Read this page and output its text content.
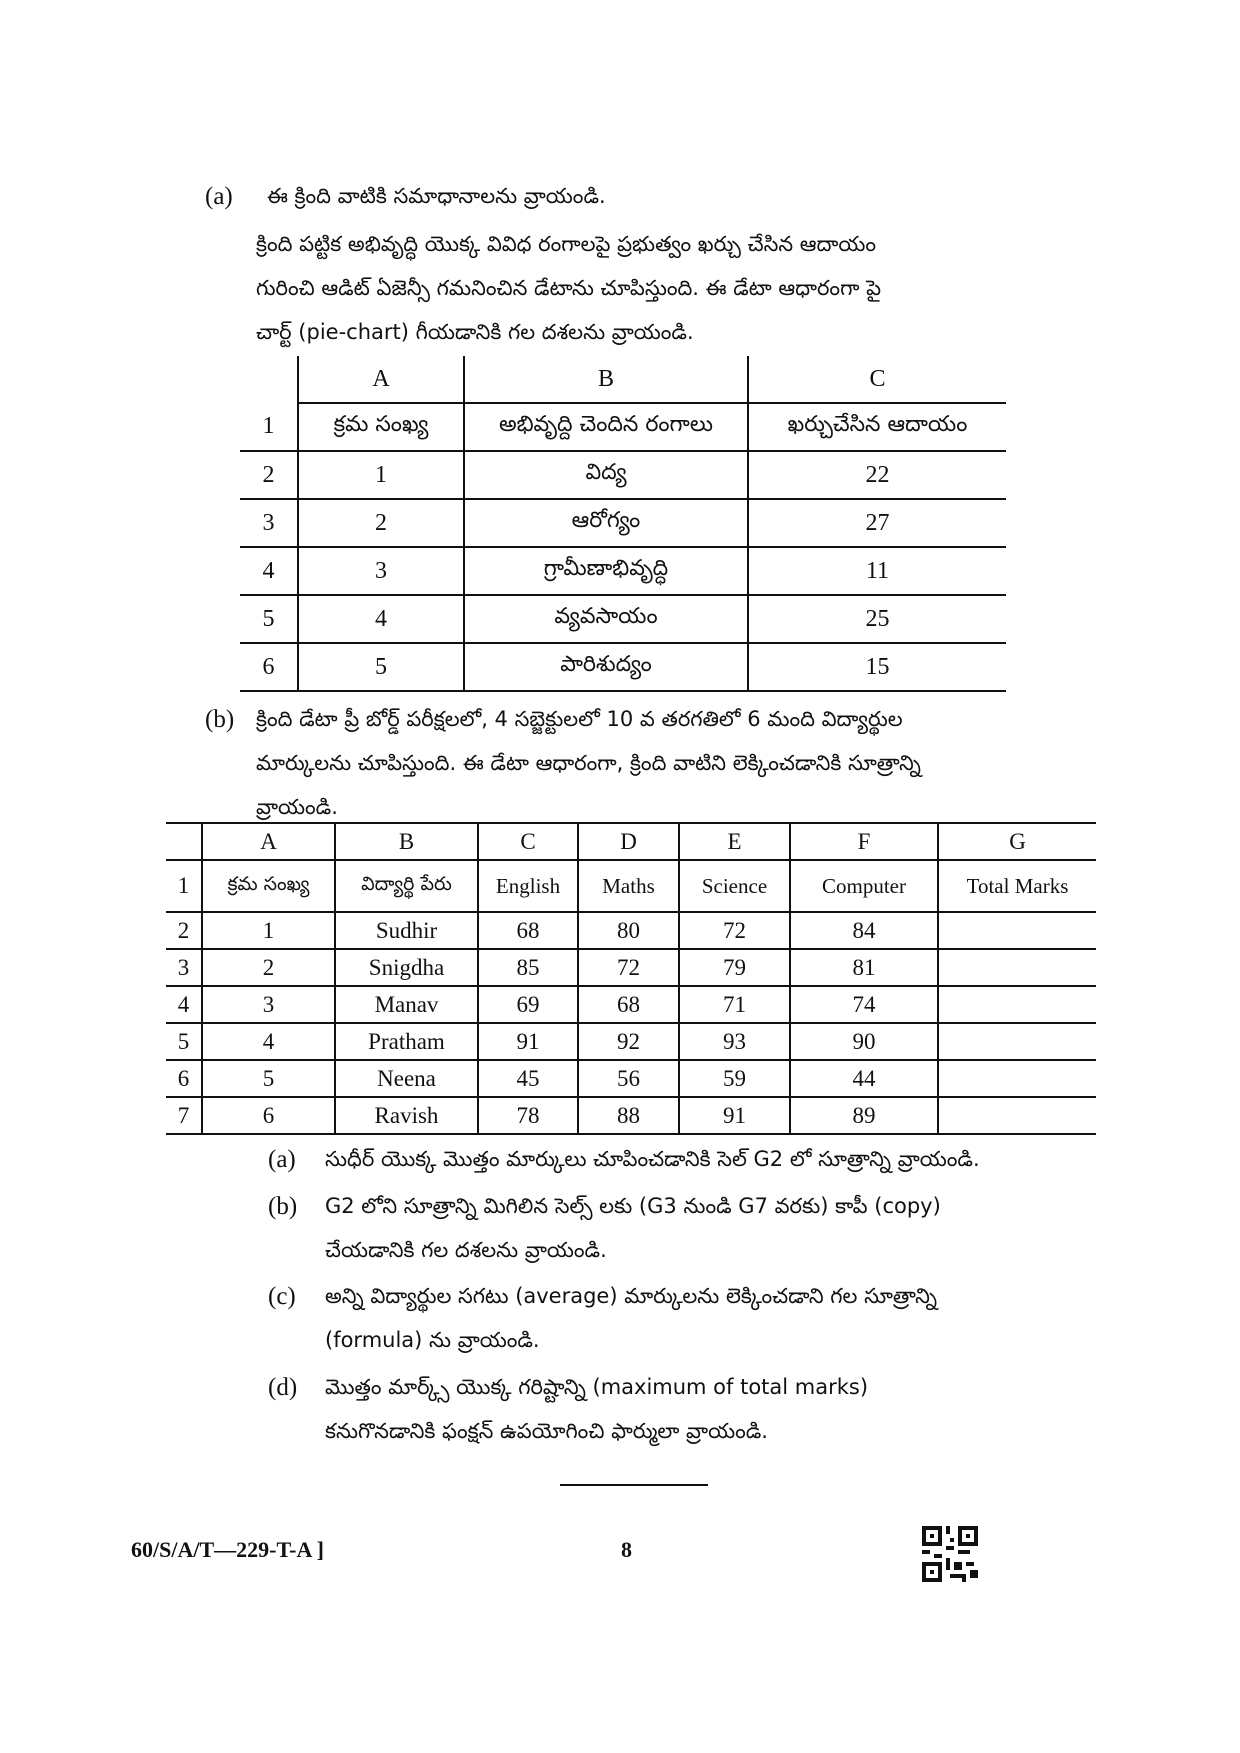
(a) ఈ క్రింది వాటికి సమాధానాలను వ్రాయండి.
క్రింది పట్టిక అభివృద్ధి యొక్క వివిధ రంగాలపై ప్రభుత్వం ఖర్చు చేసిన ఆదాయం
గురించి ఆడిట్ ఏజెన్సీ గమనించిన డేటాను చూపిస్తుంది. ఈ డేటా ఆధారంగా పై
చార్ట్ (pie-chart) గీయడానికి గల దశలను వ్రాయండి.
	A	B	C
1	క్రమ సంఖ్య	అభివృద్ది చెందిన రంగాలు	ఖర్చుచేసిన ఆదాయం
2	1	విద్య	22
3	2	ఆరోగ్యం	27
4	3	గ్రామీణాభివృద్ధి	11
5	4	వ్యవసాయం	25
6	5	పారిశుద్యం	15
(b) క్రింది డేటా ప్రీ బోర్డ్ పరీక్షలలో, 4 సబ్జెక్టులలో 10 వ తరగతిలో 6 మంది విద్యార్థుల
మార్కులను చూపిస్తుంది. ఈ డేటా ఆధారంగా, క్రింది వాటిని లెక్కించడానికి సూత్రాన్ని
వ్రాయండి.
	A	B	C	D	E	F	G
1	క్రమ సంఖ్య	విద్యార్థి పేరు	English	Maths	Science	Computer	Total Marks
2	1	Sudhir	68	80	72	84	
3	2	Snigdha	85	72	79	81	
4	3	Manav	69	68	71	74	
5	4	Pratham	91	92	93	90	
6	5	Neena	45	56	59	44	
7	6	Ravish	78	88	91	89	
(a) సుధీర్ యొక్క మొత్తం మార్కులు చూపించడానికి సెల్ G2 లో సూత్రాన్ని వ్రాయండి.
(b) G2 లోని సూత్రాన్ని మిగిలిన సెల్స్ లకు (G3 నుండి G7 వరకు) కాపీ (copy)
చేయడానికి గల దశలను వ్రాయండి.
(c) అన్ని విద్యార్థుల సగటు (average) మార్కులను లెక్కించడాని గల సూత్రాన్ని
(formula) ను వ్రాయండి.
(d) మొత్తం మార్క్స్ యొక్క గరిష్టాన్ని (maximum of total marks)
కనుగొనడానికి ఫంక్షన్ ఉపయోగించి ఫార్ములా వ్రాయండి.
60/S/A/T—229-T-A ]	8
